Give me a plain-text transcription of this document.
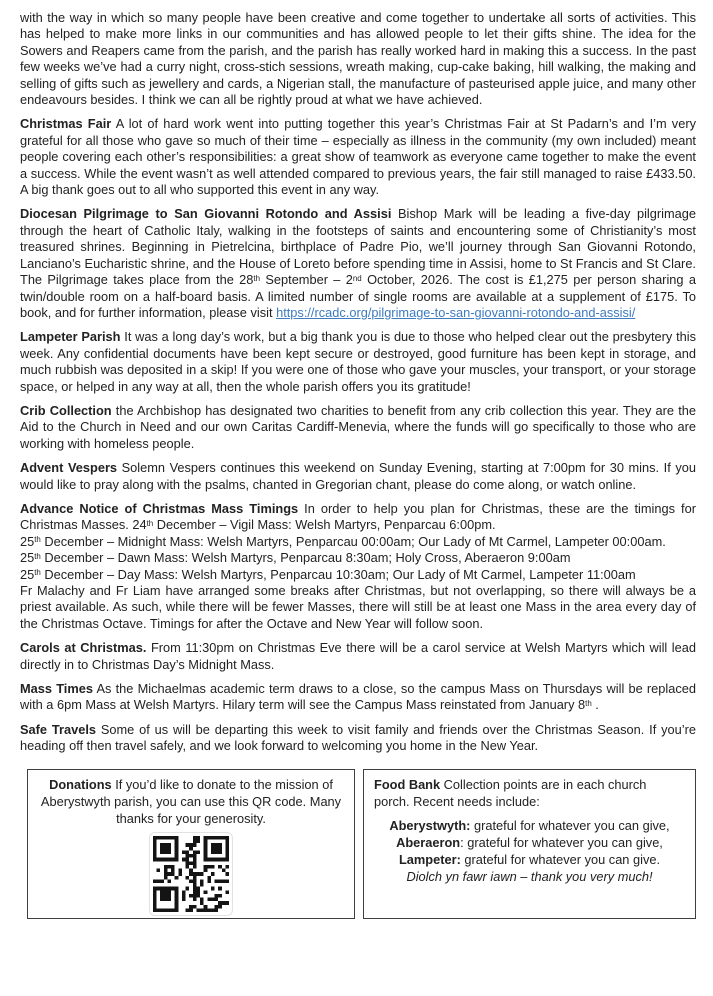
with the way in which so many people have been creative and come together to undertake all sorts of activities. This has helped to make more links in our communities and has allowed people to let their gifts shine. The idea for the Sowers and Reapers came from the parish, and the parish has really worked hard in making this a success. In the past few weeks we’ve had a curry night, cross-stich sessions, wreath making, cup-cake baking, hill walking, the making and selling of gifts such as jewellery and cards, a Nigerian stall, the manufacture of pasteurised apple juice, and many other endeavours besides. I think we can all be rightly proud at what we have achieved.

Christmas Fair A lot of hard work went into putting together this year’s Christmas Fair at St Padarn’s and I’m very grateful for all those who gave so much of their time – especially as illness in the community (my own included) meant people covering each other’s responsibilities: a great show of teamwork as everyone came together to make the event a success. While the event wasn’t as well attended compared to previous years, the fair still managed to raise £433.50. A big thank goes out to all who supported this event in any way.

Diocesan Pilgrimage to San Giovanni Rotondo and Assisi Bishop Mark will be leading a five-day pilgrimage through the heart of Catholic Italy, walking in the footsteps of saints and encountering some of Christianity’s most treasured shrines. Beginning in Pietrelcina, birthplace of Padre Pio, we’ll journey through San Giovanni Rotondo, Lanciano’s Eucharistic shrine, and the House of Loreto before spending time in Assisi, home to St Francis and St Clare. The Pilgrimage takes place from the 28th September – 2nd October, 2026. The cost is £1,275 per person sharing a twin/double room on a half-board basis. A limited number of single rooms are available at a supplement of £175. To book, and for further information, please visit https://rcadc.org/pilgrimage-to-san-giovanni-rotondo-and-assisi/

Lampeter Parish It was a long day’s work, but a big thank you is due to those who helped clear out the presbytery this week. Any confidential documents have been kept secure or destroyed, good furniture has been kept in storage, and much rubbish was deposited in a skip! If you were one of those who gave your muscles, your transport, or your storage space, or helped in any way at all, then the whole parish offers you its gratitude!

Crib Collection the Archbishop has designated two charities to benefit from any crib collection this year. They are the Aid to the Church in Need and our own Caritas Cardiff-Menevia, where the funds will go specifically to those who are working with homeless people.

Advent Vespers Solemn Vespers continues this weekend on Sunday Evening, starting at 7:00pm for 30 mins. If you would like to pray along with the psalms, chanted in Gregorian chant, please do come along, or watch online.

Advance Notice of Christmas Mass Timings In order to help you plan for Christmas, these are the timings for Christmas Masses. 24th December – Vigil Mass: Welsh Martyrs, Penparcau 6:00pm.
25th December – Midnight Mass: Welsh Martyrs, Penparcau 00:00am; Our Lady of Mt Carmel, Lampeter 00:00am.
25th December – Dawn Mass: Welsh Martyrs, Penparcau 8:30am; Holy Cross, Aberaeron 9:00am
25th December – Day Mass: Welsh Martyrs, Penparcau 10:30am; Our Lady of Mt Carmel, Lampeter 11:00am
Fr Malachy and Fr Liam have arranged some breaks after Christmas, but not overlapping, so there will always be a priest available. As such, while there will be fewer Masses, there will still be at least one Mass in the area every day of the Christmas Octave. Timings for after the Octave and New Year will follow soon.

Carols at Christmas. From 11:30pm on Christmas Eve there will be a carol service at Welsh Martyrs which will lead directly in to Christmas Day’s Midnight Mass.

Mass Times As the Michaelmas academic term draws to a close, so the campus Mass on Thursdays will be replaced with a 6pm Mass at Welsh Martyrs. Hilary term will see the Campus Mass reinstated from January 8th .

Safe Travels Some of us will be departing this week to visit family and friends over the Christmas Season. If you’re heading off then travel safely, and we look forward to welcoming you home in the New Year.

Donations If you’d like to donate to the mission of Aberystwyth parish, you can use this QR code. Many thanks for your generosity.

Food Bank Collection points are in each church porch. Recent needs include:

Aberystwyth: grateful for whatever you can give,
Aberaeron: grateful for whatever you can give,
Lampeter: grateful for whatever you can give.
Diolch yn fawr iawn – thank you very much!
